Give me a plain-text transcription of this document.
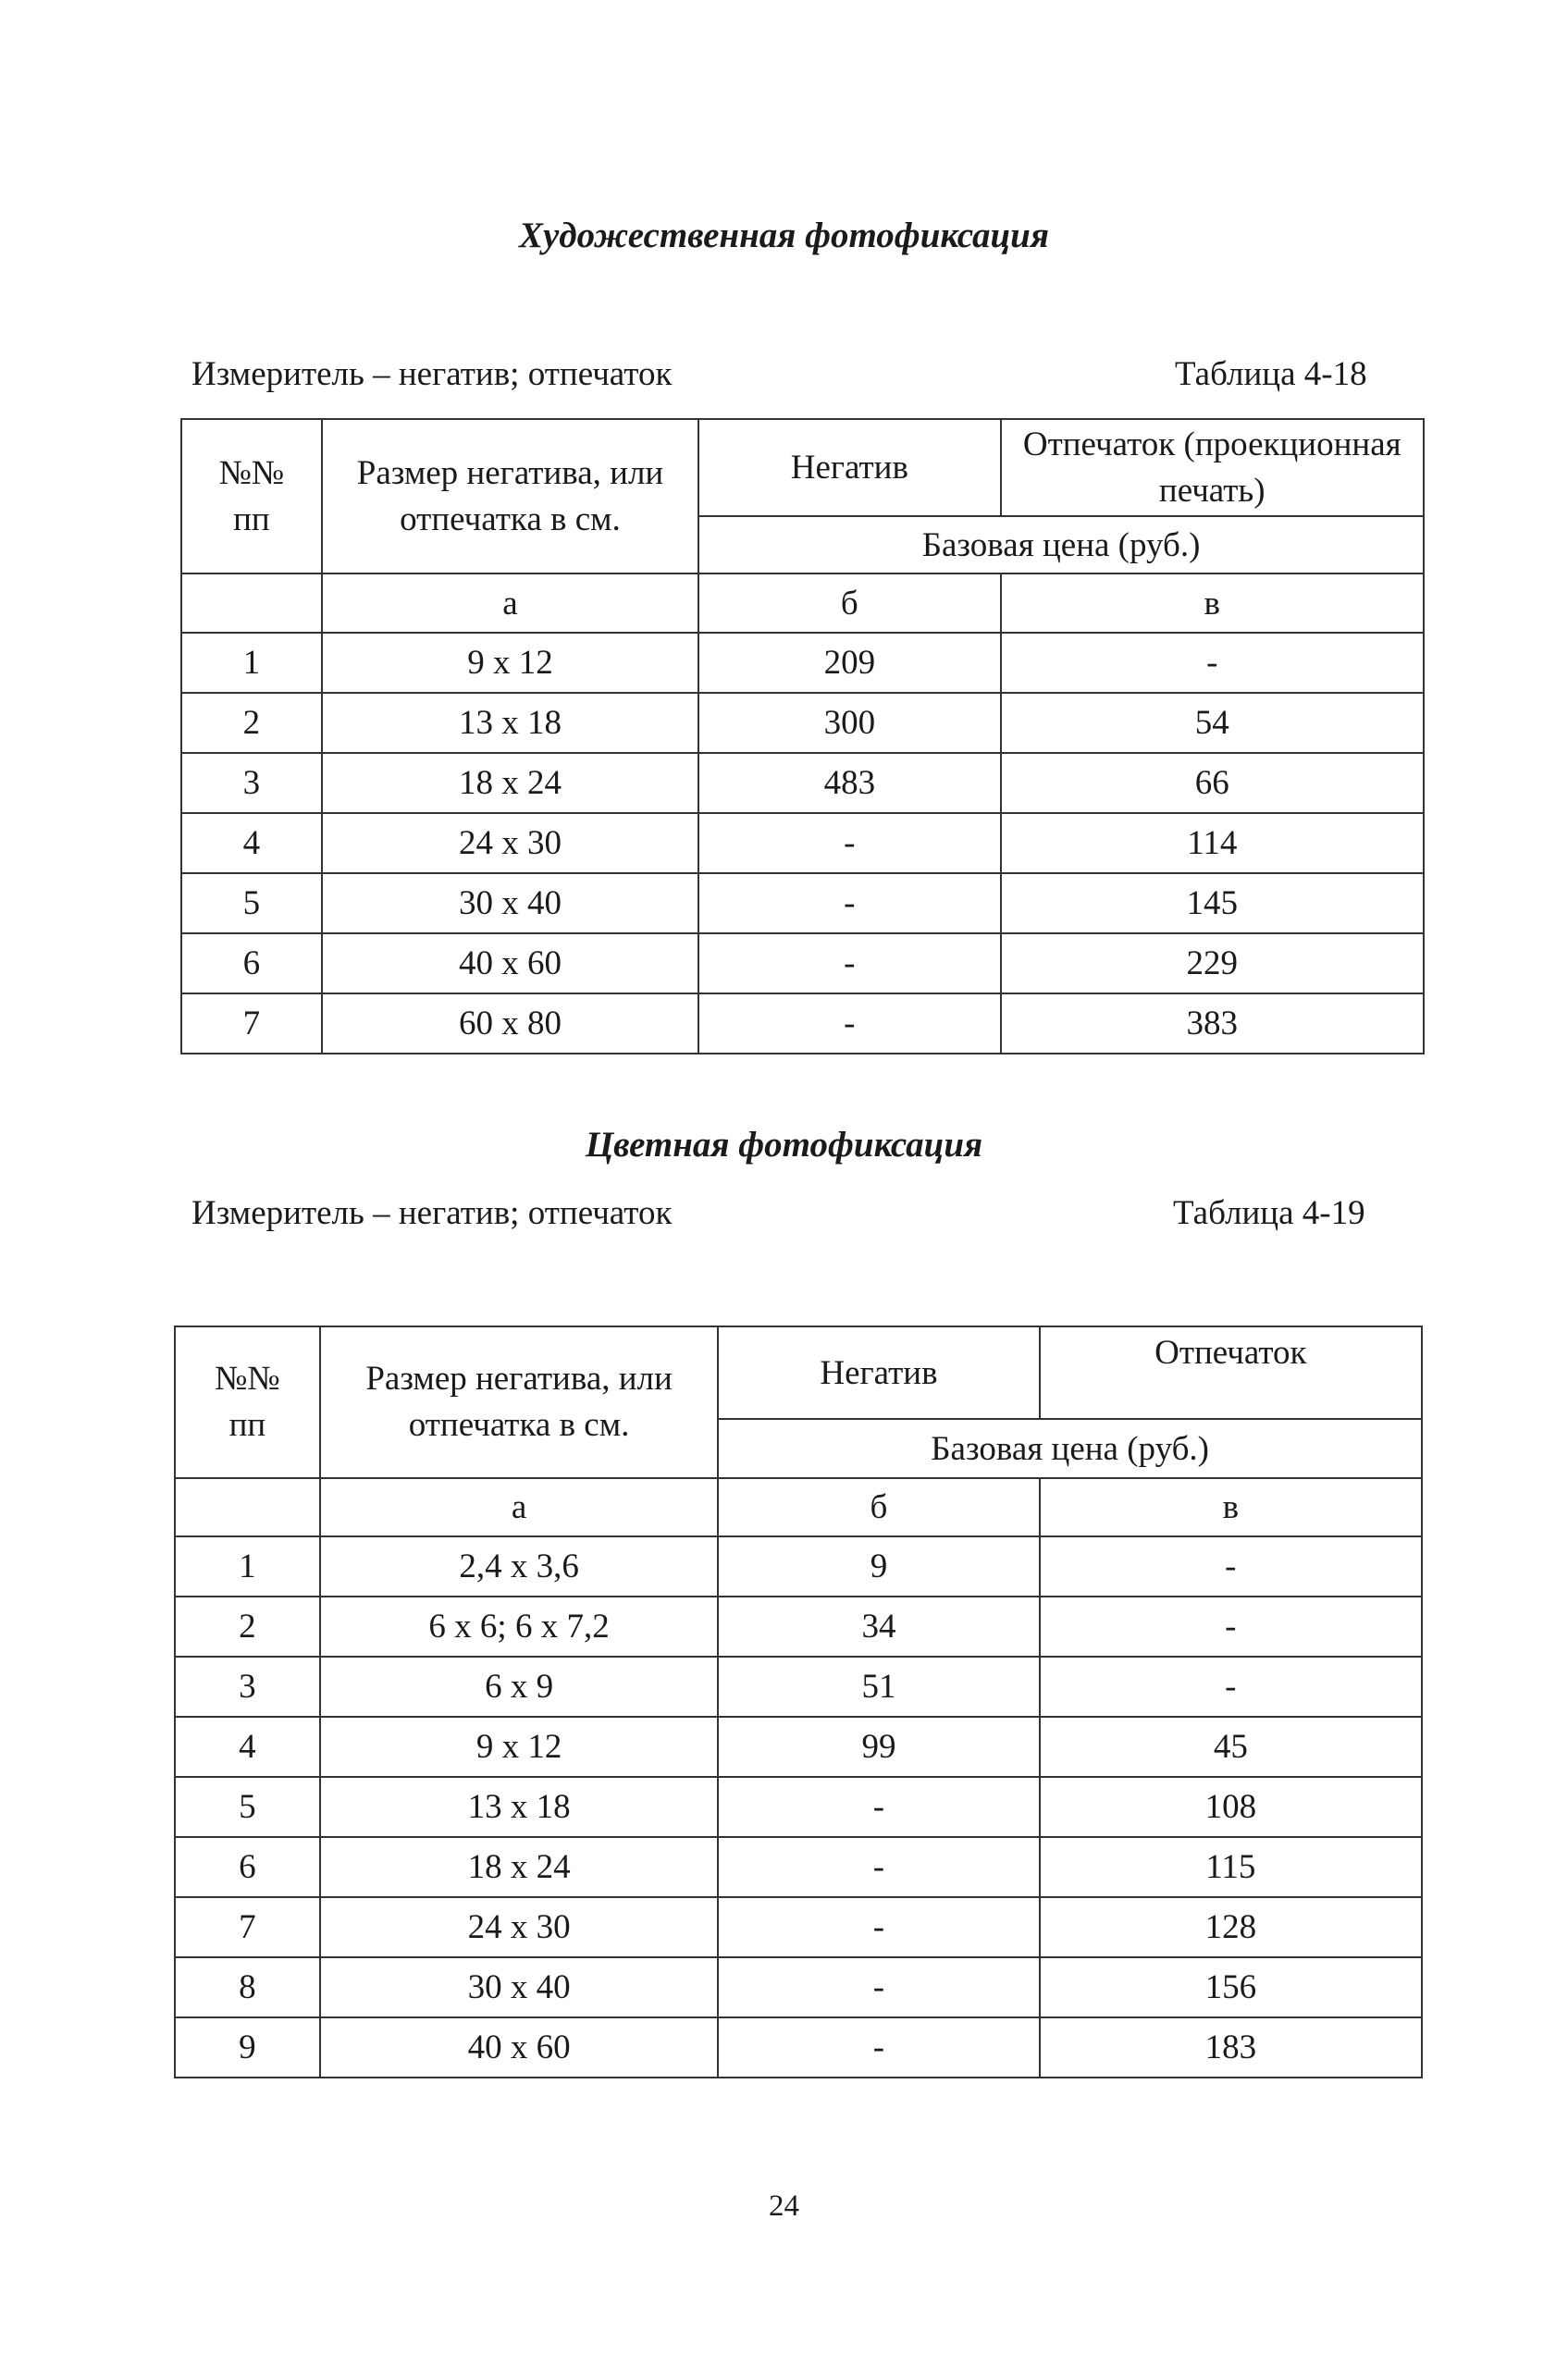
Художественная фотофиксация
Измеритель – негатив; отпечаток	Таблица 4-18
№№ пп	Размер негатива, или отпечатка в см.	Негатив	Отпечаток (проекционная печать)
		Базовая цена (руб.)	
	а	б	в
1	9 х 12	209	-
2	13 х 18	300	54
3	18 х 24	483	66
4	24 х 30	-	114
5	30 х 40	-	145
6	40 х 60	-	229
7	60 х 80	-	383
Цветная фотофиксация
Измеритель – негатив; отпечаток	Таблица 4-19
№№ пп	Размер негатива, или отпечатка в см.	Негатив	Отпечаток
		Базовая цена (руб.)	
	а	б	в
1	2,4 х 3,6	9	-
2	6 х 6; 6 х 7,2	34	-
3	6 х 9	51	-
4	9 х 12	99	45
5	13 х 18	-	108
6	18 х 24	-	115
7	24 х 30	-	128
8	30 х 40	-	156
9	40 х 60	-	183
24
